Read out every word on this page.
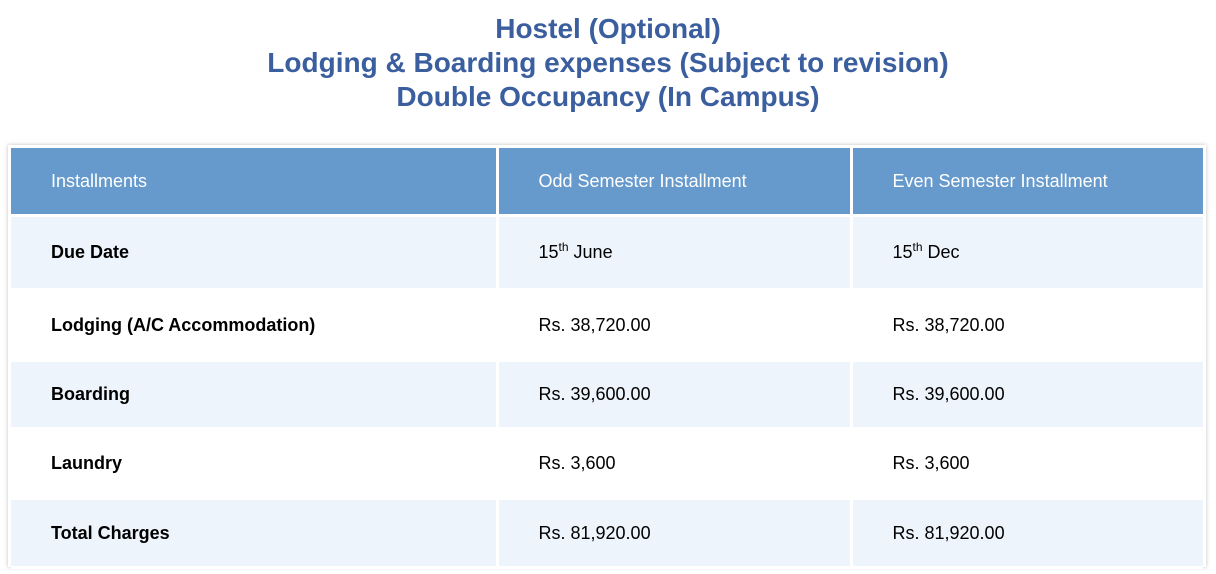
Hostel (Optional)
Lodging & Boarding expenses (Subject to revision)
Double Occupancy (In Campus)
Installments	Odd Semester Installment	Even Semester Installment
Due Date	15th June	15th Dec
Lodging (A/C Accommodation)	Rs. 38,720.00	Rs. 38,720.00
Boarding	Rs. 39,600.00	Rs. 39,600.00
Laundry	Rs. 3,600	Rs. 3,600
Total Charges	Rs. 81,920.00	Rs. 81,920.00
